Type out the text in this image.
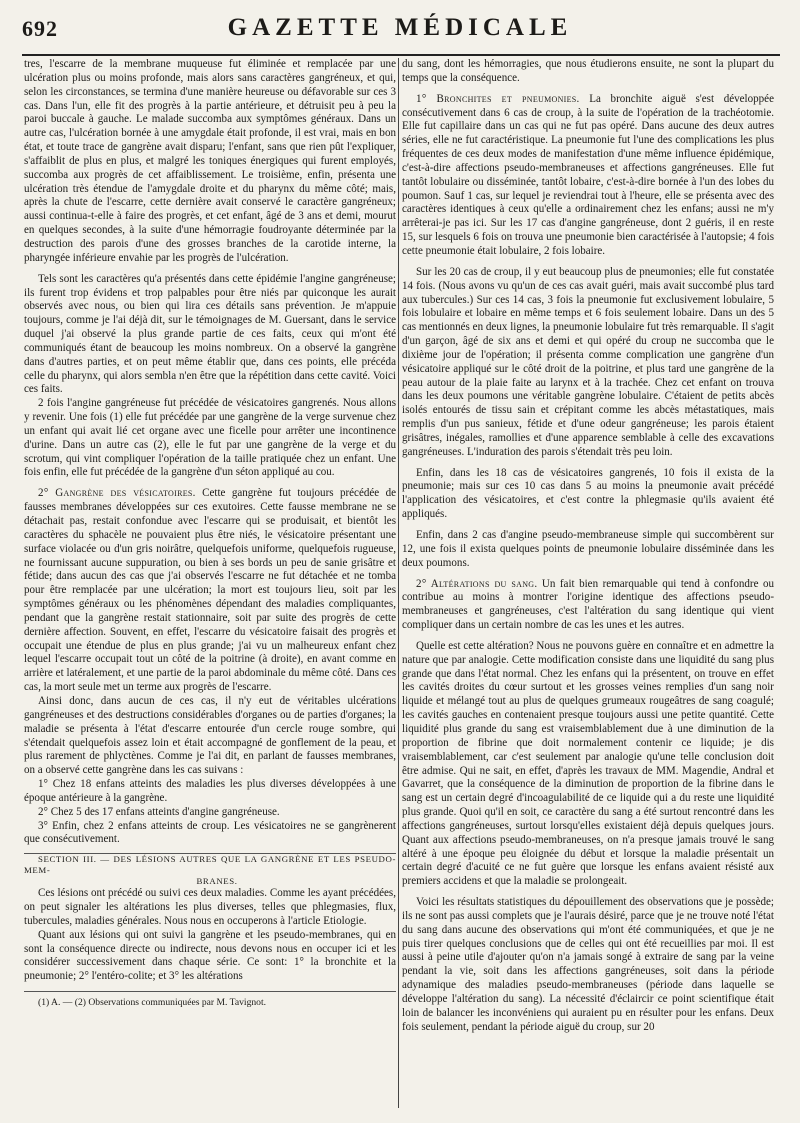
692	GAZETTE MÉDICALE

tres, l'escarre de la membrane muqueuse fut éliminée et remplacée par une ulcération plus ou moins profonde, mais alors sans caractères gangréneux, et qui, selon les circonstances, se termina d'une manière heureuse ou défavorable sur ces 3 cas. Dans l'un, elle fit des progrès à la partie antérieure, et détruisit peu à peu la paroi buccale à gauche. Le malade succomba aux symptômes généraux. Dans un autre cas, l'ulcération bornée à une amygdale était profonde, il est vrai, mais en bon état, et toute trace de gangrène avait disparu; l'enfant, sans que rien pût l'expliquer, s'affaiblit de plus en plus, et malgré les toniques énergiques qui furent employés, succomba aux progrès de cet affaiblissement. Le troisième, enfin, présenta une ulcération très étendue de l'amygdale droite et du pharynx du même côté; mais, après la chute de l'escarre, cette dernière avait conservé le caractère gangréneux; aussi continua-t-elle à faire des progrès, et cet enfant, âgé de 3 ans et demi, mourut en quelques secondes, à la suite d'une hémorragie foudroyante déterminée par la destruction des parois d'une des grosses branches de la carotide interne, la pharyngée inférieure envahie par les progrès de l'ulcération.

Tels sont les caractères qu'a présentés dans cette épidémie l'angine gangréneuse; ils furent trop évidens et trop palpables pour être niés par quiconque les aurait observés avec nous, ou bien qui lira ces détails sans prévention. Je m'appuie toujours, comme je l'ai déjà dit, sur le témoignages de M. Guersant, dans le service duquel j'ai observé la plus grande partie de ces faits, ceux qui m'ont été communiqués étant de beaucoup les moins nombreux. On a observé la gangrène dans d'autres parties, et on peut même établir que, dans ces points, elle précéda celle du pharynx, qui alors sembla n'en être que la répétition dans cette cavité. Voici ces faits.

2 fois l'angine gangréneuse fut précédée de vésicatoires gangrenés. Nous allons y revenir. Une fois (1) elle fut précédée par une gangrène de la verge survenue chez un enfant qui avait lié cet organe avec une ficelle pour arrêter une incontinence d'urine. Dans un autre cas (2), elle le fut par une gangrène de la verge et du scrotum, qui vint compliquer l'opération de la taille pratiquée chez un enfant. Une fois enfin, elle fut précédée de la gangrène d'un séton appliqué au cou.

2° Gangrène des vésicatoires. Cette gangrène fut toujours précédée de fausses membranes développées sur ces exutoires. Cette fausse membrane ne se détachait pas, restait confondue avec l'escarre qui se produisait, et bientôt les caractères du sphacèle ne pouvaient plus être niés, le vésicatoire présentant une surface violacée ou d'un gris noirâtre, quelquefois uniforme, quelquefois rugueuse, ne fournissant aucune suppuration, ou bien à ses bords un peu de sanie grisâtre et fétide; dans aucun des cas que j'ai observés l'escarre ne fut détachée et ne tomba pour être remplacée par une ulcération; la mort est toujours lieu, soit par les symptômes généraux ou les phénomènes dépendant des maladies compliquantes, pendant que la gangrène restait stationnaire, soit par suite des progrès de cette dernière affection. Souvent, en effet, l'escarre du vésicatoire faisait des progrès et occupait une étendue de plus en plus grande; j'ai vu un malheureux enfant chez lequel l'escarre occupait tout un côté de la poitrine (à droite), en avant comme en arrière et latéralement, et une partie de la paroi abdominale du même côté. Dans ces cas, la mort seule met un terme aux progrès de l'escarre.

Ainsi donc, dans aucun de ces cas, il n'y eut de véritables ulcérations gangréneuses et des destructions considérables d'organes ou de parties d'organes; la maladie se présenta à l'état d'escarre entourée d'un cercle rouge sombre, qui s'étendait quelquefois assez loin et était accompagné de gonflement de la peau, et plus rarement de phlyctènes. Comme je l'ai dit, en parlant de fausses membranes, on a observé cette gangrène dans les cas suivans :

1° Chez 18 enfans atteints des maladies les plus diverses développées à une époque antérieure à la gangrène.

2° Chez 5 des 17 enfans atteints d'angine gangréneuse.

3° Enfin, chez 2 enfans atteints de croup. Les vésicatoires ne se gangrènerent que consécutivement.

SECTION III. — DES LÉSIONS AUTRES QUE LA GANGRÈNE ET LES PSEUDO-MEM-
BRANES.

Ces lésions ont précédé ou suivi ces deux maladies. Comme les ayant précédées, on peut signaler les altérations les plus diverses, telles que phlegmasies, flux, tubercules, maladies générales. Nous nous en occuperons à l'article Etiologie.

Quant aux lésions qui ont suivi la gangrène et les pseudo-membranes, qui en sont la conséquence directe ou indirecte, nous devons nous en occuper ici et les considérer successivement dans chaque série. Ce sont: 1° la bronchite et la pneumonie; 2° l'entéro-colite; et 3° les altérations

(1) A. — (2) Observations communiquées par M. Tavignot.

du sang, dont les hémorragies, que nous étudierons ensuite, ne sont la plupart du temps que la conséquence.

1° Bronchites et pneumonies. La bronchite aiguë s'est développée consécutivement dans 6 cas de croup, à la suite de l'opération de la trachéotomie. Elle fut capillaire dans un cas qui ne fut pas opéré. Dans aucune des deux autres séries, elle ne fut caractéristique. La pneumonie fut l'une des complications les plus fréquentes de ces deux modes de manifestation d'une même influence épidémique, c'est-à-dire affections pseudo-membraneuses et affections gangréneuses. Elle fut tantôt lobulaire ou disséminée, tantôt lobaire, c'est-à-dire bornée à l'un des lobes du poumon. Sauf 1 cas, sur lequel je reviendrai tout à l'heure, elle se présenta avec des caractères identiques à ceux qu'elle a ordinairement chez les enfans; aussi ne m'y arrêterai-je pas ici. Sur les 17 cas d'angine gangréneuse, dont 2 guéris, il en reste 15, sur lesquels 6 fois on trouva une pneumonie bien caractérisée à l'autopsie; 4 fois cette pneumonie était lobulaire, 2 fois lobaire.

Sur les 20 cas de croup, il y eut beaucoup plus de pneumonies; elle fut constatée 14 fois. (Nous avons vu qu'un de ces cas avait guéri, mais avait succombé plus tard aux tubercules.) Sur ces 14 cas, 3 fois la pneumonie fut exclusivement lobulaire, 5 fois lobulaire et lobaire en même temps et 6 fois seulement lobaire. Dans un des 5 cas mentionnés en deux lignes, la pneumonie lobulaire fut très remarquable. Il s'agit d'un garçon, âgé de six ans et demi et qui opéré du croup ne succomba que le dixième jour de l'opération; il présenta comme complication une gangrène d'un vésicatoire appliqué sur le côté droit de la poitrine, et plus tard une gangrène de la peau autour de la plaie faite au larynx et à la trachée. Chez cet enfant on trouva dans les deux poumons une véritable gangrène lobulaire. C'étaient de petits abcès isolés entourés de tissu sain et crépitant comme les abcès métastatiques, mais remplis d'un pus sanieux, fétide et d'une odeur gangréneuse; les parois étaient grisâtres, inégales, ramollies et d'une apparence semblable à celle des excavations gangréneuses. L'induration des parois s'étendait très peu loin.

Enfin, dans les 18 cas de vésicatoires gangrenés, 10 fois il exista de la pneumonie; mais sur ces 10 cas dans 5 au moins la pneumonie avait précédé l'application des vésicatoires, et c'est contre la phlegmasie qu'ils avaient été appliqués.

Enfin, dans 2 cas d'angine pseudo-membraneuse simple qui succombèrent sur 12, une fois il exista quelques points de pneumonie lobulaire disséminée dans les deux poumons.

2° Altérations du sang. Un fait bien remarquable qui tend à confondre ou contribue au moins à montrer l'origine identique des affections pseudo-membraneuses et gangréneuses, c'est l'altération du sang identique qui vient compliquer dans un certain nombre de cas les unes et les autres.

Quelle est cette altération? Nous ne pouvons guère en connaître et en admettre la nature que par analogie. Cette modification consiste dans une liquidité du sang plus grande que dans l'état normal. Chez les enfans qui la présentent, on trouve en effet les cavités droites du cœur surtout et les grosses veines remplies d'un sang noir liquide et mélangé tout au plus de quelques grumeaux rougeâtres de sang coagulé; les cavités gauches en contenaient presque toujours aussi une petite quantité. Cette liquidité plus grande du sang est vraisemblablement due à une diminution de la proportion de fibrine que doit normalement contenir ce liquide; je dis vraisemblablement, car c'est seulement par analogie qu'une telle conclusion doit être admise. Qui ne sait, en effet, d'après les travaux de MM. Magendie, Andral et Gavarret, que la conséquence de la diminution de proportion de la fibrine dans le sang est un certain degré d'incoagulabilité de ce liquide qui a du reste une liquidité plus grande. Quoi qu'il en soit, ce caractère du sang a été surtout rencontré dans les affections gangréneuses, surtout lorsqu'elles existaient déjà depuis quelques jours. Quant aux affections pseudo-membraneuses, on n'a presque jamais trouvé le sang altéré à une époque peu éloignée du début et lorsque la maladie présentait un certain degré d'acuité ce ne fut guère que lorsque les enfans avaient résisté aux premiers accidens et que la maladie se prolongeait.

Voici les résultats statistiques du dépouillement des observations que je possède; ils ne sont pas aussi complets que je l'aurais désiré, parce que je ne trouve noté l'état du sang dans aucune des observations qui m'ont été communiquées, et que je ne puis tirer quelques conclusions que de celles qui ont été recueillies par moi. Il est aussi à peine utile d'ajouter qu'on n'a jamais songé à extraire de sang par la veine pendant la vie, soit dans les affections gangréneuses, soit dans la période adynamique des maladies pseudo-membraneuses (période dans laquelle se développe l'altération du sang). La nécessité d'éclaircir ce point scientifique était loin de balancer les inconvéniens qui auraient pu en résulter pour les enfans. Deux fois seulement, pendant la période aiguë du croup, sur 20
